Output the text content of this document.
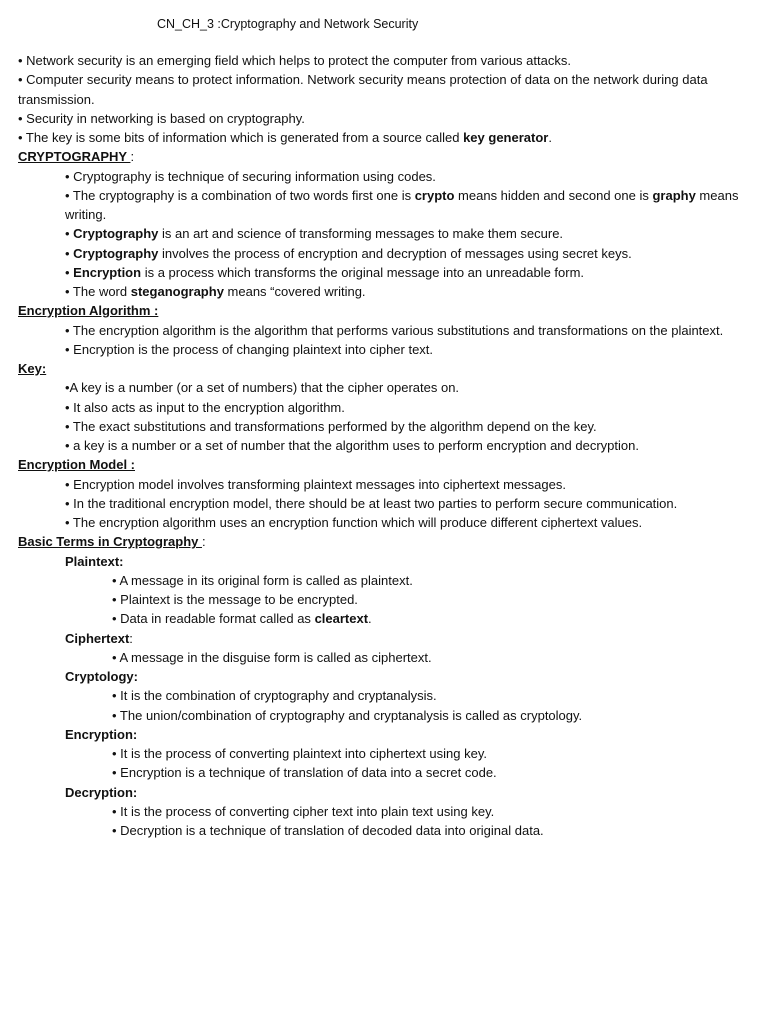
CN_CH_3 :Cryptography and Network Security

• Network security is an emerging field which helps to protect the computer from various attacks.

• Computer security means to protect information. Network security means protection of data on the network during data transmission.

• Security in networking is based on cryptography.

• The key is some bits of information which is generated from a source called key generator.

CRYPTOGRAPHY :

• Cryptography is technique of securing information using codes.

• The cryptography is a combination of two words first one is crypto means hidden and second one is graphy means writing.

• Cryptography is an art and science of transforming messages to make them secure.

• Cryptography involves the process of encryption and decryption of messages using secret keys.

• Encryption is a process which transforms the original message into an unreadable form.

• The word steganography means “covered writing.

Encryption Algorithm :

• The encryption algorithm is the algorithm that performs various substitutions and transformations on the plaintext.

• Encryption is the process of changing plaintext into cipher text.

Key:

•A key is a number (or a set of numbers) that the cipher operates on.

• It also acts as input to the encryption algorithm.

• The exact substitutions and transformations performed by the algorithm depend on the key.

• a key is a number or a set of number that the algorithm uses to perform encryption and decryption.

Encryption Model :

• Encryption model involves transforming plaintext messages into ciphertext messages.

• In the traditional encryption model, there should be at least two parties to perform secure communication.

• The encryption algorithm uses an encryption function which will produce different ciphertext values.

Basic Terms in Cryptography :

Plaintext:

• A message in its original form is called as plaintext.

• Plaintext is the message to be encrypted.

• Data in readable format called as cleartext.

Ciphertext:

• A message in the disguise form is called as ciphertext.

Cryptology:

• It is the combination of cryptography and cryptanalysis.

• The union/combination of cryptography and cryptanalysis is called as cryptology.

Encryption:

• It is the process of converting plaintext into ciphertext using key.

• Encryption is a technique of translation of data into a secret code.

Decryption:

• It is the process of converting cipher text into plain text using key.

• Decryption is a technique of translation of decoded data into original data.
